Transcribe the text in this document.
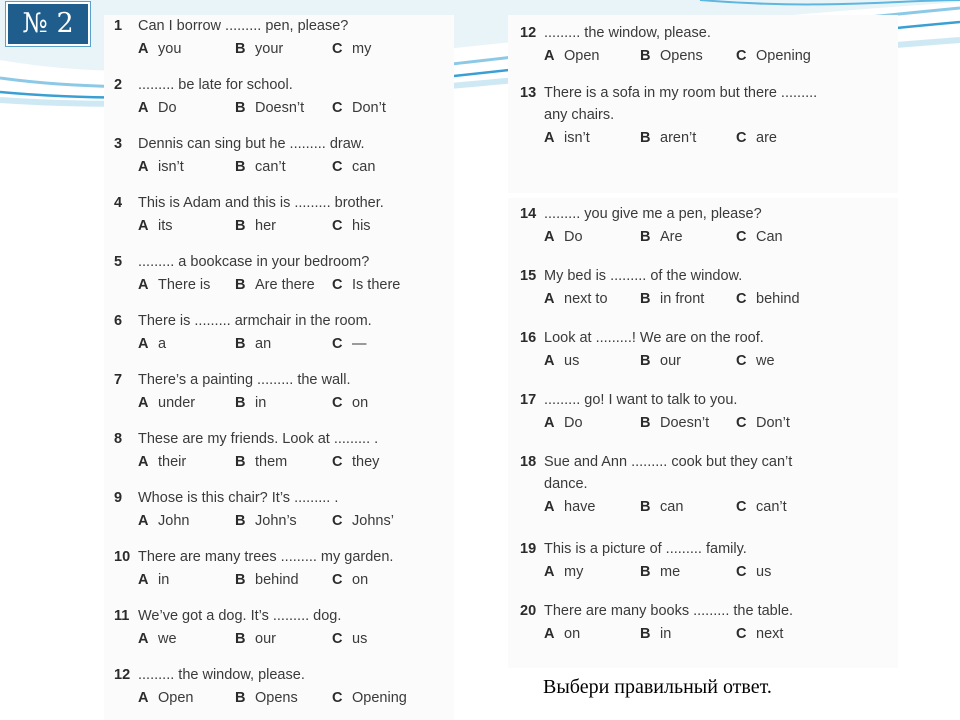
№ 2	1	Can I borrow ......... pen, please?
A you	B your	C my
2	......... be late for school.
A Do	B Doesn’t C Don’t
3	Dennis can sing but he ......... draw.
A isn’t	B can’t	C can
4	This is Adam and this is ......... brother.
A its	B her	C his
5	......... a bookcase in your bedroom?
A There is B Are there C Is there
6	There is ......... armchair in the room.
A a	B an	C —
7	There’s a painting ......... the wall.
A under	B in	C on
8	These are my friends. Look at ......... .
A their	B them	C they
9	Whose is this chair? It’s ......... .
A John	B John’s C Johns’
10 There are many trees ......... my garden.
A in	B behind C on
11 We’ve got a dog. It’s ......... dog.
A we	B our	C us
12 ......... the window, please.
A Open	B Opens C Opening
12 ......... the window, please.
A Open	B Opens C Opening
13 There is a sofa in my room but there .........
any chairs.
A isn’t	B aren’t	C are
14 ......... you give me a pen, please?
A Do	B Are	C Can
15 My bed is ......... of the window.
A next to B in front C behind
16 Look at .........! We are on the roof.
A us	B our	C we
17 ......... go! I want to talk to you.
A Do	B Doesn’t C Don’t
18 Sue and Ann ......... cook but they can’t
dance.
A have	B can	C can’t
19 This is a picture of ......... family.
A my	B me	C us
20 There are many books ......... the table.
A on	B in	C next
Выбери правильный ответ.
